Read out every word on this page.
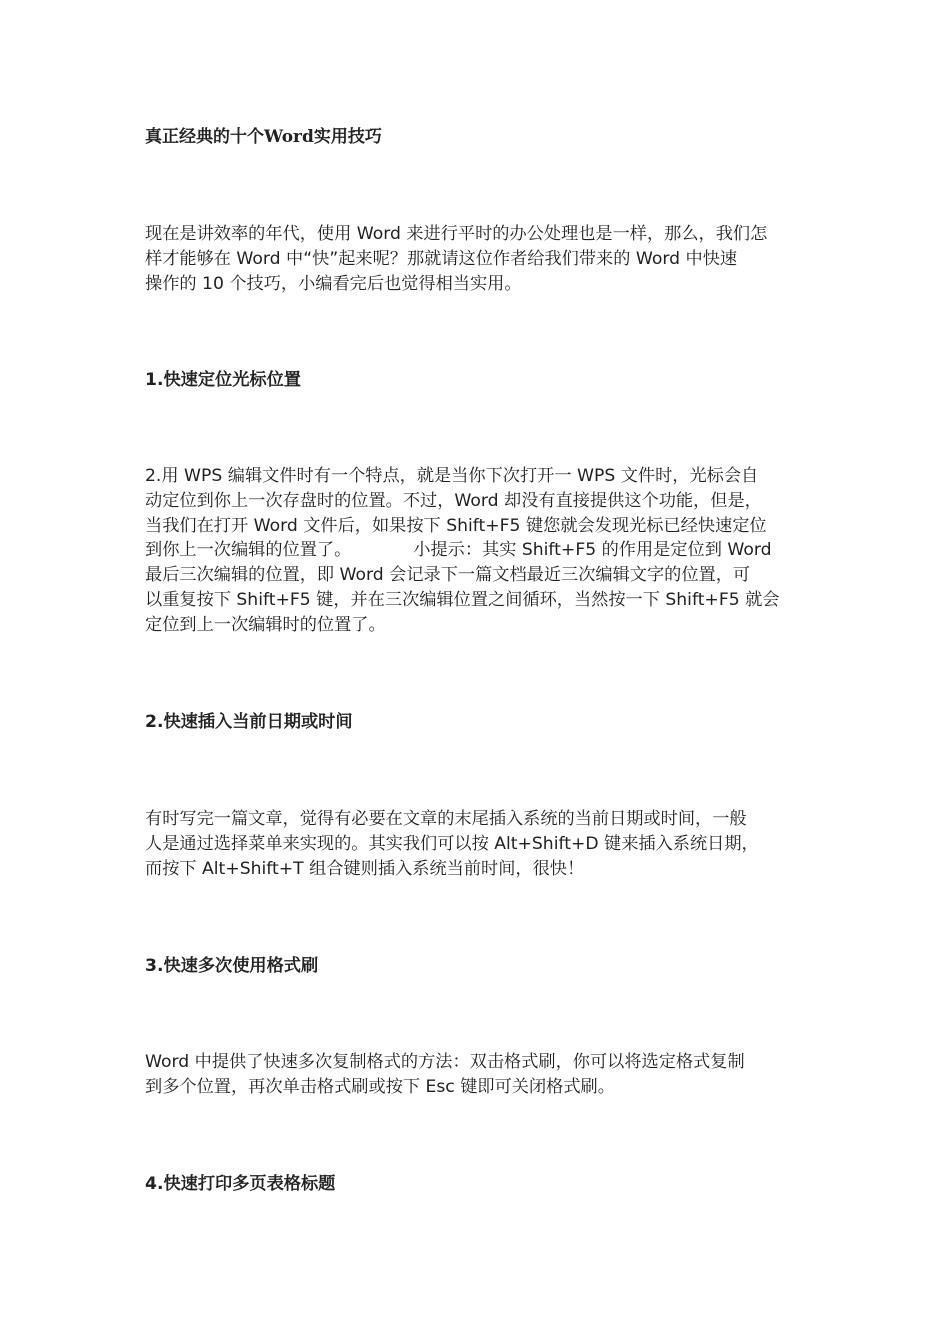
真正经典的十个Word实用技巧

现在是讲效率的年代，使用 Word 来进行平时的办公处理也是一样，那么，我们怎
样才能够在 Word 中“快”起来呢？那就请这位作者给我们带来的 Word 中快速
操作的 10 个技巧，小编看完后也觉得相当实用。

1.快速定位光标位置

2.用 WPS 编辑文件时有一个特点，就是当你下次打开一 WPS 文件时，光标会自
动定位到你上一次存盘时的位置。不过，Word 却没有直接提供这个功能，但是，
当我们在打开 Word 文件后，如果按下 Shift+F5 键您就会发现光标已经快速定位
到你上一次编辑的位置了。	小提示：其实 Shift+F5 的作用是定位到 Word
最后三次编辑的位置，即 Word 会记录下一篇文档最近三次编辑文字的位置，可
以重复按下 Shift+F5 键，并在三次编辑位置之间循环，当然按一下 Shift+F5 就会
定位到上一次编辑时的位置了。

2.快速插入当前日期或时间

有时写完一篇文章，觉得有必要在文章的末尾插入系统的当前日期或时间，一般
人是通过选择菜单来实现的。其实我们可以按 Alt+Shift+D 键来插入系统日期，
而按下 Alt+Shift+T 组合键则插入系统当前时间，很快！

3.快速多次使用格式刷

Word 中提供了快速多次复制格式的方法：双击格式刷，你可以将选定格式复制
到多个位置，再次单击格式刷或按下 Esc 键即可关闭格式刷。

4.快速打印多页表格标题
